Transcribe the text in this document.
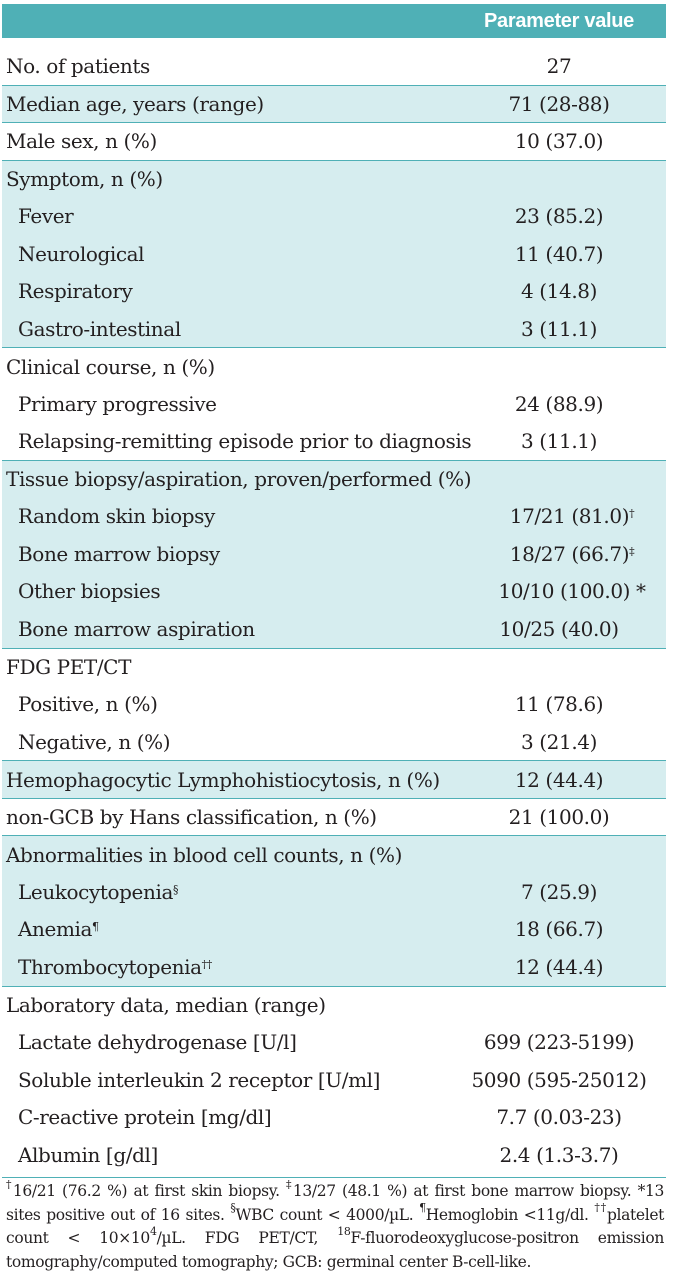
Parameter value
No. of patients	27
Median age, years (range)	71 (28-88)
Male sex, n (%)	10 (37.0)
Symptom, n (%)
Fever	23 (85.2)
Neurological	11 (40.7)
Respiratory	4 (14.8)
Gastro-intestinal	3 (11.1)
Clinical course, n (%)
Primary progressive	24 (88.9)
Relapsing-remitting episode prior to diagnosis 3 (11.1)
Tissue biopsy/aspiration, proven/performed (%)
Random skin biopsy	17/21 (81.0)†
Bone marrow biopsy	18/27 (66.7)‡
Other biopsies	10/10 (100.0) *
Bone marrow aspiration	10/25 (40.0)
FDG PET/CT
Positive, n (%)	11 (78.6)
Negative, n (%)	3 (21.4)
Hemophagocytic Lymphohistiocytosis, n (%)	12 (44.4)
non-GCB by Hans classification, n (%)	21 (100.0)
Abnormalities in blood cell counts, n (%)
Leukocytopenia§	7 (25.9)
Anemia¶	18 (66.7)
Thrombocytopenia††	12 (44.4)
Laboratory data, median (range)
Lactate dehydrogenase [U/l]	699 (223-5199)
Soluble interleukin 2 receptor [U/ml]	5090 (595-25012)
C-reactive protein [mg/dl]	7.7 (0.03-23)
Albumin [g/dl]	2.4 (1.3-3.7)
†16/21 (76.2 %) at first skin biopsy. ‡13/27 (48.1 %) at first bone marrow biopsy. *13 sites positive out of 16 sites. §WBC count < 4000/µL. ¶Hemoglobin <11g/dl. ††platelet count < $10\times 10^4/\mu L$. FDG PET/CT, $^{18}$F-fluorodeoxyglucose-positron emission tomography/computed tomography; GCB: germinal center B-cell-like.
